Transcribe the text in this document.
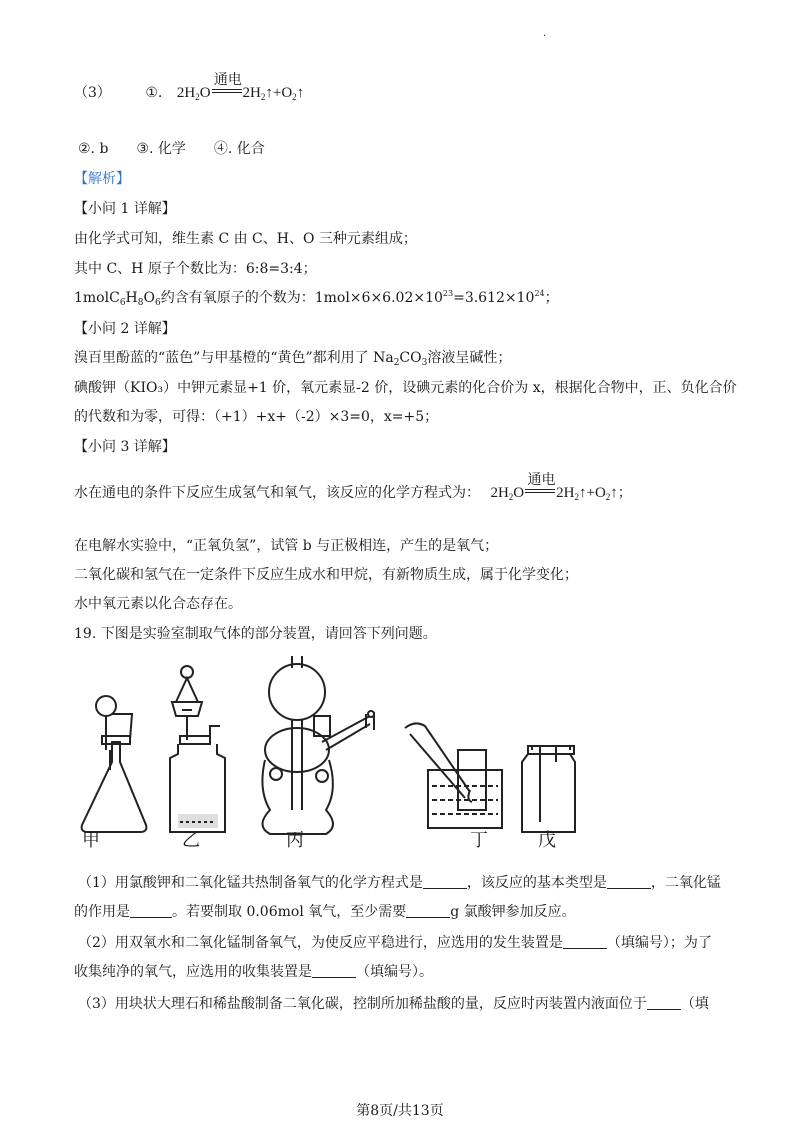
.
（3） ①.
通电
$2H_2O$ $2H_2↑+O_2↑$
②. b　　③. 化学　　④. 化合
【解析】
【小问 1 详解】
由化学式可知，维生素 C 由 C、H、O 三种元素组成；
其中 C、H 原子个数比为：6:8=3:4；
$1molC_6H_8O_6$约含有氧原子的个数为：$1mol\times 6\times 6.02\times 10^{23}=3.612\times 10^{24}$；
【小问 2 详解】
溴百里酚蓝的“蓝色”与甲基橙的“黄色”都利用了 $Na_2CO_3$溶液呈碱性；
碘酸钾（KIO₃）中钾元素显+1 价，氧元素显-2 价，设碘元素的化合价为 x，根据化合物中，正、负化合价
的代数和为零，可得：（+1）+x+（-2）×3=0，x=+5；
【小问 3 详解】
水在通电的条件下反应生成氢气和氧气，该反应的化学方程式为：
通电
$2H_2O$ $2H_2↑+O_2↑$；
在电解水实验中，“正氧负氢”，试管 b 与正极相连，产生的是氧气；
二氧化碳和氢气在一定条件下反应生成水和甲烷，有新物质生成，属于化学变化；
水中氧元素以化合态存在。
19. 下图是实验室制取气体的部分装置，请回答下列问题。
甲	乙	丙	丁	戊
（1）用氯酸钾和二氧化锰共热制备氧气的化学方程式是	，该反应的基本类型是	，二氧化锰
的作用是	。若要制取 0.06mol 氧气，至少需要	g 氯酸钾参加反应。
（2）用双氧水和二氧化锰制备氧气，为使反应平稳进行，应选用的发生装置是	（填编号）；为了
收集纯净的氧气，应选用的收集装置是	（填编号）。
（3）用块状大理石和稀盐酸制备二氧化碳，控制所加稀盐酸的量，反应时丙装置内液面位于 （填
第8页/共13页
